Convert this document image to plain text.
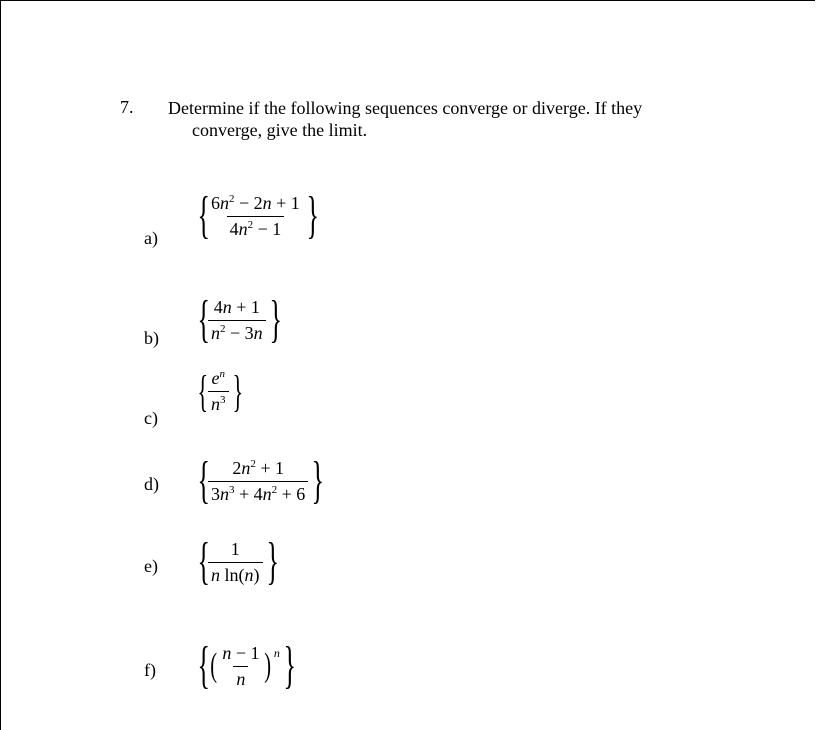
7. Determine if the following sequences converge or diverge. If they
converge, give the limit.
a) {
$\frac{6n^2 - 2n + 1}{4n^2 - 1}$ }
b) {
$\frac{4n + 1}{n^2 - 3n}$ }
c)
{ $\frac{e^n}{n^3}$ }
d) {
$\frac{2n^2 + 1}{3n^3 + 4n^2 + 6}$ }
e) {
$\frac{1}{\text{n ln(n)}}$ }
f) { ( $\frac{n - 1}{n}$ ) n }
